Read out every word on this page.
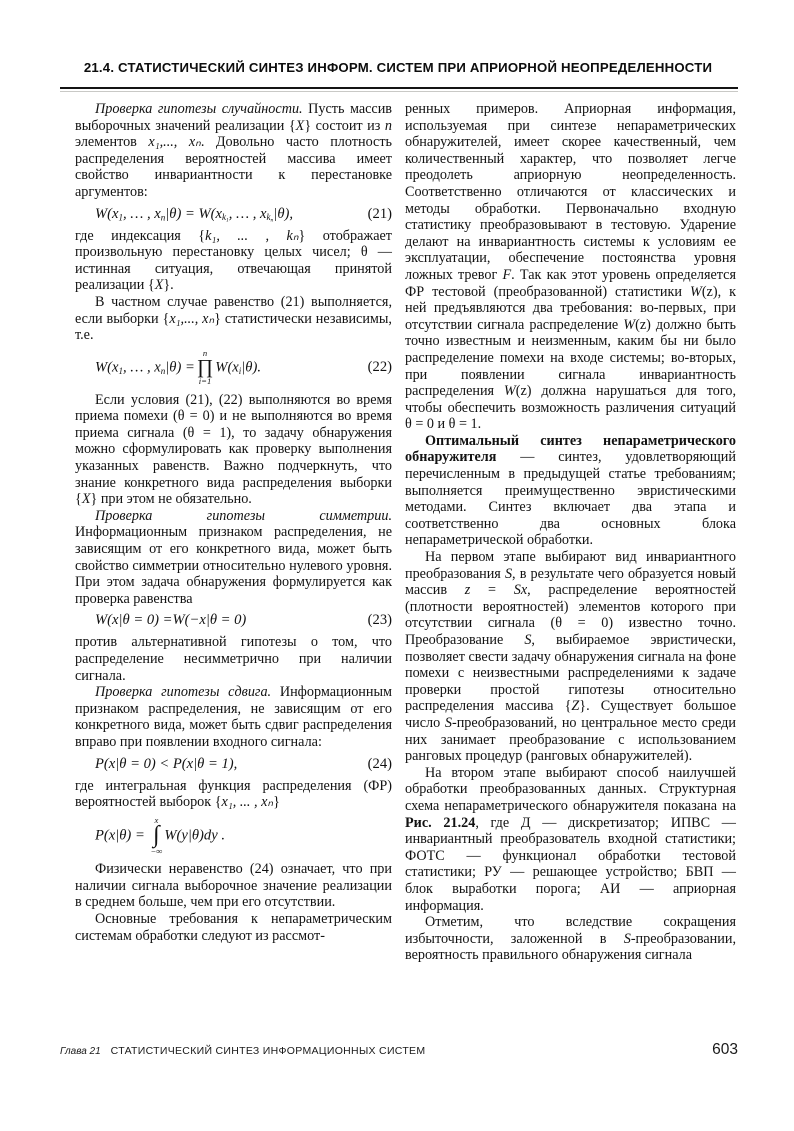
21.4. СТАТИСТИЧЕСКИЙ СИНТЕЗ ИНФОРМ. СИСТЕМ ПРИ АПРИОРНОЙ НЕОПРЕДЕЛЕННОСТИ
Проверка гипотезы случайности. Пусть массив выборочных значений реализации {X} состоит из n элементов x₁,..., xₙ. Довольно часто плотность распределения вероятностей массива имеет свойство инвариантности к перестановке аргументов:
$W(x_1$, … , $x_n|\theta) = W(x_{k_1}$, … , $x_{k_n}|\theta$),	(21)
где индексация {k₁, ... , kₙ} отображает произвольную перестановку целых чисел; θ — истинная ситуация, отвечающая принятой реализации {X}.
В частном случае равенство (21) выполняется, если выборки {x₁,..., xₙ} статистически независимы, т.е.
$W(x_1$, … , $x_n|\theta$) =
n
∏
i=1
$W(x_i|\theta)$.	(22)
Если условия (21), (22) выполняются во время приема помехи (θ = 0) и не выполняются во время приема сигнала (θ = 1), то задачу обнаружения можно сформулировать как проверку выполнения указанных равенств. Важно подчеркнуть, что знание конкретного вида распределения выборки {X} при этом не обязательно.
Проверка гипотезы симметрии. Информационным признаком распределения, не зависящим от его конкретного вида, может быть свойство симметрии относительно нулевого уровня. При этом задача обнаружения формулируется как проверка равенства
W(x|θ = 0) =W(−x|θ = 0)	(23)
против альтернативной гипотезы о том, что распределение несимметрично при наличии сигнала.
Проверка гипотезы сдвига. Информационным признаком распределения, не зависящим от его конкретного вида, может быть сдвиг распределения вправо при появлении входного сигнала:
P(x|θ = 0) < P(x|θ = 1),	(24)
где интегральная функция распределения (ФР) вероятностей выборок {x₁, ... , xₙ}
P(x|θ) =
x
∫
−∞
W(y|θ)dy .
Физически неравенство (24) означает, что при наличии сигнала выборочное значение реализации в среднем больше, чем при его отсутствии.
Основные требования к непараметрическим системам обработки следуют из рассмот-
ренных примеров. Априорная информация, используемая при синтезе непараметрических обнаружителей, имеет скорее качественный, чем количественный характер, что позволяет легче преодолеть априорную неопределенность. Соответственно отличаются от классических и методы обработки. Первоначально входную статистику преобразовывают в тестовую. Ударение делают на инвариантность системы к условиям ее эксплуатации, обеспечение постоянства уровня ложных тревог F. Так как этот уровень определяется ФР тестовой (преобразованной) статистики W(z), к ней предъявляются два требования: во-первых, при отсутствии сигнала распределение W(z) должно быть точно известным и неизменным, каким бы ни было распределение помехи на входе системы; во-вторых, при появлении сигнала инвариантность распределения W(z) должна нарушаться для того, чтобы обеспечить возможность различения ситуаций θ = 0 и θ = 1.
Оптимальный синтез непараметрического обнаружителя — синтез, удовлетворяющий перечисленным в предыдущей статье требованиям; выполняется преимущественно эвристическими методами. Синтез включает два этапа и соответственно два основных блока непараметрической обработки.
На первом этапе выбирают вид инвариантного преобразования S, в результате чего образуется новый массив z = Sx, распределение вероятностей (плотности вероятностей) элементов которого при отсутствии сигнала (θ = 0) известно точно. Преобразование S, выбираемое эвристически, позволяет свести задачу обнаружения сигнала на фоне помехи с неизвестными распределениями к задаче проверки простой гипотезы относительно распределения массива {Z}. Существует большое число S-преобразований, но центральное место среди них занимает преобразование с использованием ранговых процедур (ранговых обнаружителей).
На втором этапе выбирают способ наилучшей обработки преобразованных данных. Структурная схема непараметрического обнаружителя показана на Рис. 21.24, где Д — дискретизатор; ИПВС — инвариантный преобразователь входной статистики; ФОТС — функционал обработки тестовой статистики; РУ — решающее устройство; БВП — блок выработки порога; АИ — априорная информация.
Отметим, что вследствие сокращения избыточности, заложенной в S-преобразовании, вероятность правильного обнаружения сигнала
Глава 21 СТАТИСТИЧЕСКИЙ СИНТЕЗ ИНФОРМАЦИОННЫХ СИСТЕМ	603
